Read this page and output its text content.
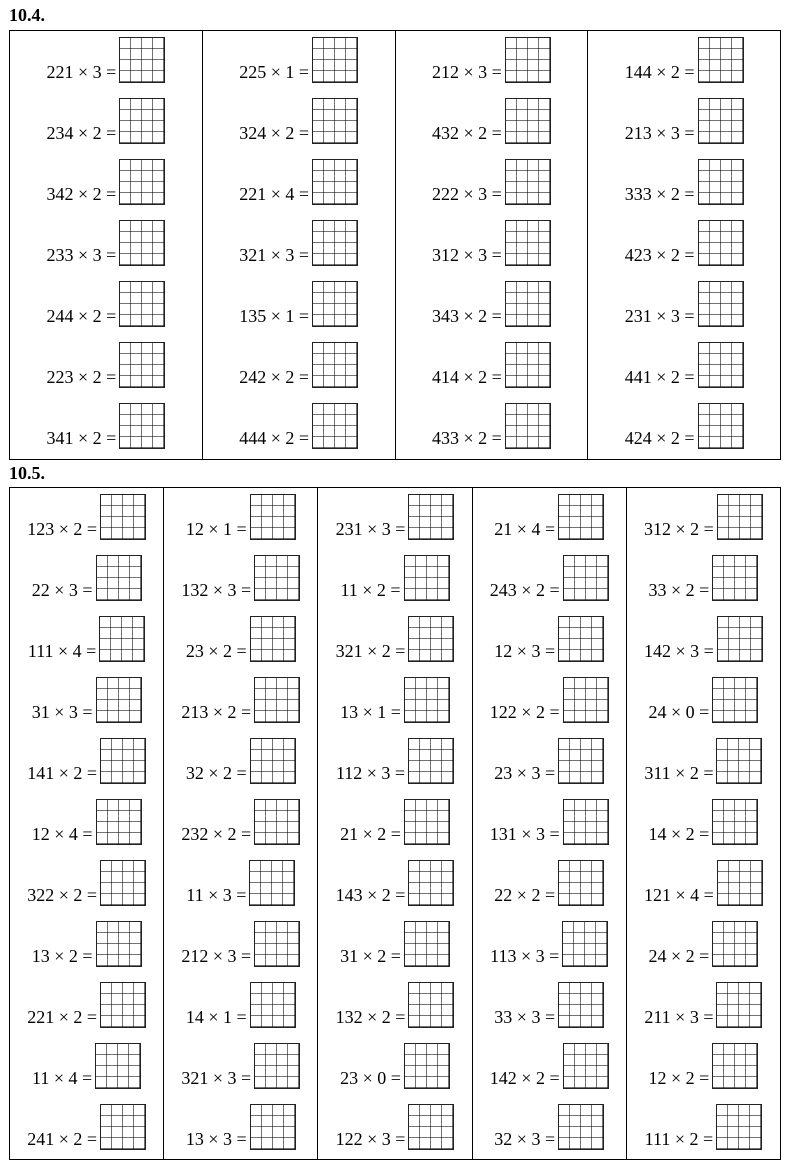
10.4.
221 × 3 =
234 × 2 =
342 × 2 =
233 × 3 =
244 × 2 =
223 × 2 =
341 × 2 =
225 × 1 =
324 × 2 =
221 × 4 =
321 × 3 =
135 × 1 =
242 × 2 =
444 × 2 =
212 × 3 =
432 × 2 =
222 × 3 =
312 × 3 =
343 × 2 =
414 × 2 =
433 × 2 =
144 × 2 =
213 × 3 =
333 × 2 =
423 × 2 =
231 × 3 =
441 × 2 =
424 × 2 =
10.5.
123 × 2 =
22 × 3 =
111 × 4 =
31 × 3 =
141 × 2 =
12 × 4 =
322 × 2 =
13 × 2 =
221 × 2 =
11 × 4 =
241 × 2 =
12 × 1 =
132 × 3 =
23 × 2 =
213 × 2 =
32 × 2 =
232 × 2 =
11 × 3 =
212 × 3 =
14 × 1 =
321 × 3 =
13 × 3 =
231 × 3 =
11 × 2 =
321 × 2 =
13 × 1 =
112 × 3 =
21 × 2 =
143 × 2 =
31 × 2 =
132 × 2 =
23 × 0 =
122 × 3 =
21 × 4 =
243 × 2 =
12 × 3 =
122 × 2 =
23 × 3 =
131 × 3 =
22 × 2 =
113 × 3 =
33 × 3 =
142 × 2 =
32 × 3 =
312 × 2 =
33 × 2 =
142 × 3 =
24 × 0 =
311 × 2 =
14 × 2 =
121 × 4 =
24 × 2 =
211 × 3 =
12 × 2 =
111 × 2 =
